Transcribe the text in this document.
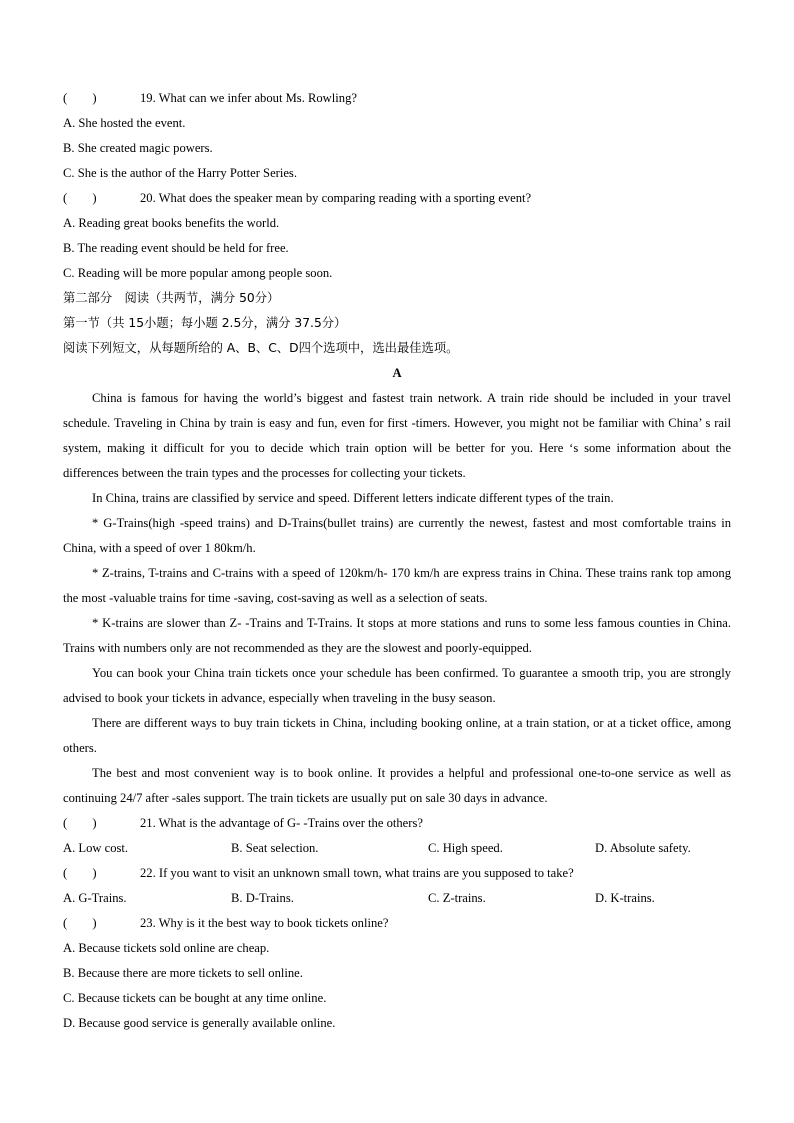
(　　)	19. What can we infer about Ms. Rowling?
A. She hosted the event.
B. She created magic powers.
C. She is the author of the Harry Potter Series.
(　　)	20. What does the speaker mean by comparing reading with a sporting event?
A. Reading great books benefits the world.
B. The reading event should be held for free.
C. Reading will be more popular among people soon.
第二部分　阅读（共两节，满分 50分）
第一节（共 15小题；每小题 2.5分，满分 37.5分）
阅读下列短文，从每题所给的 A、B、C、D四个选项中，选出最佳选项。
A
China is famous for having the world’s biggest and fastest train network. A train ride should be included in your travel schedule. Traveling in China by train is easy and fun, even for first -timers. However, you might not be familiar with China’ s rail system, making it difficult for you to decide which train option will be better for you. Here ‘s some information about the differences between the train types and the processes for collecting your tickets.
In China, trains are classified by service and speed. Different letters indicate different types of the train.
* G-Trains(high -speed trains) and D-Trains(bullet trains) are currently the newest, fastest and most comfortable trains in China, with a speed of over 1 80km/h.
* Z-trains, T-trains and C-trains with a speed of 120km/h- 170 km/h are express trains in China. These trains rank top among the most -valuable trains for time -saving, cost-saving as well as a selection of seats.
* K-trains are slower than Z- -Trains and T-Trains. It stops at more stations and runs to some less famous counties in China. Trains with numbers only are not recommended as they are the slowest and poorly-equipped.
You can book your China train tickets once your schedule has been confirmed. To guarantee a smooth trip, you are strongly advised to book your tickets in advance, especially when traveling in the busy season.
There are different ways to buy train tickets in China, including booking online, at a train station, or at a ticket office, among others.
The best and most convenient way is to book online. It provides a helpful and professional one-to-one service as well as continuing 24/7 after -sales support. The train tickets are usually put on sale 30 days in advance.
(　　)	21. What is the advantage of G- -Trains over the others?
A. Low cost.	B. Seat selection.	C. High speed.	D. Absolute safety.
(　　)	22. If you want to visit an unknown small town, what trains are you supposed to take?
A. G-Trains.	B. D-Trains.	C. Z-trains.	D. K-trains.
(　　)	23. Why is it the best way to book tickets online?
A. Because tickets sold online are cheap.
B. Because there are more tickets to sell online.
C. Because tickets can be bought at any time online.
D. Because good service is generally available online.
